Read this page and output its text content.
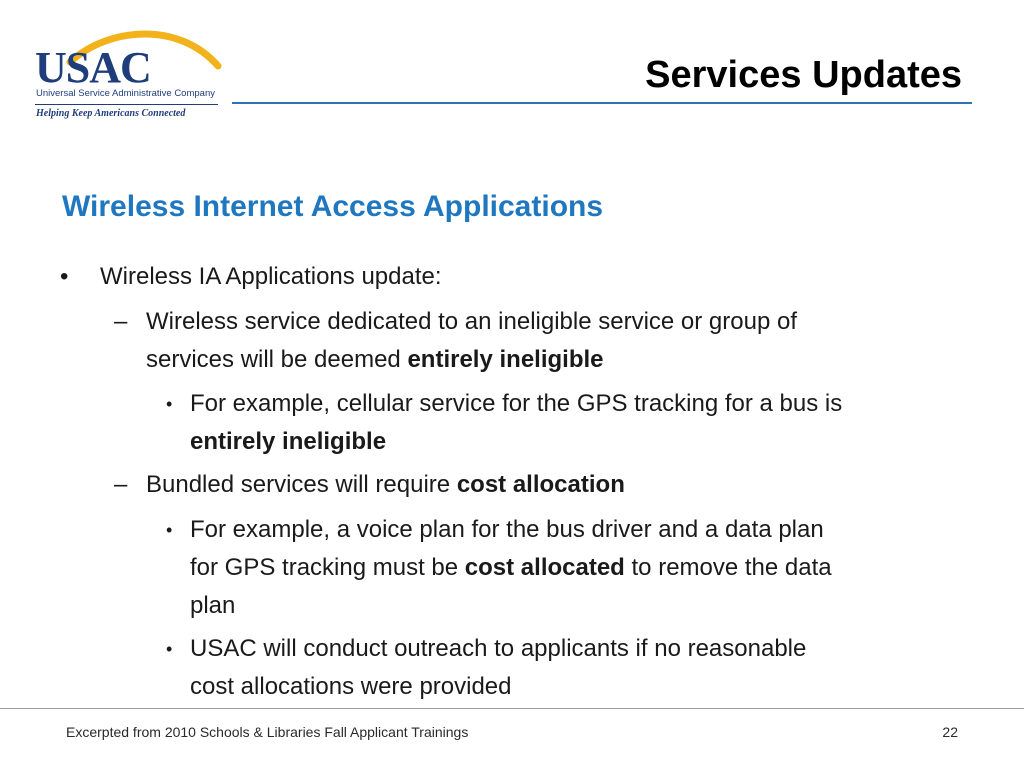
USAC
Universal Service Administrative Company
Helping Keep Americans Connected
Services Updates
Wireless Internet Access Applications
• Wireless IA Applications update:
– Wireless service dedicated to an ineligible service or group of
services will be deemed entirely ineligible
• For example, cellular service for the GPS tracking for a bus is
entirely ineligible
– Bundled services will require cost allocation
• For example, a voice plan for the bus driver and a data plan
for GPS tracking must be cost allocated to remove the data
plan
• USAC will conduct outreach to applicants if no reasonable
cost allocations were provided
Excerpted from 2010 Schools & Libraries Fall Applicant Trainings	22
